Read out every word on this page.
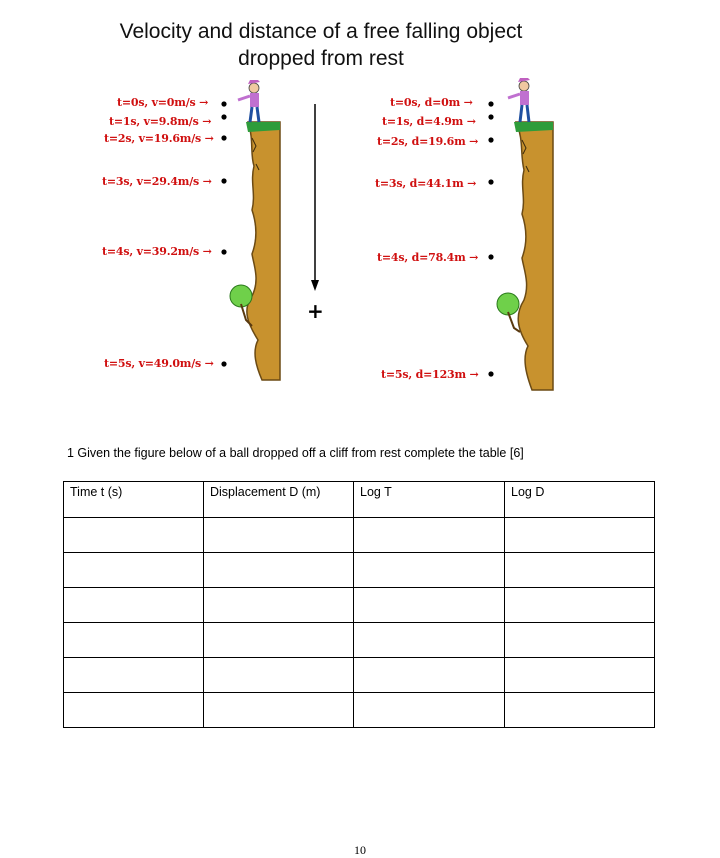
Velocity and distance of a free falling object
dropped from rest
t=0s, v=0m/s →
t=1s, v=9.8m/s →
t=2s, v=19.6m/s →
t=3s, v=29.4m/s →
t=4s, v=39.2m/s →
t=5s, v=49.0m/s →
t=0s, d=0m →
t=1s, d=4.9m →
t=2s, d=19.6m →
t=3s, d=44.1m →
t=4s, d=78.4m →
t=5s, d=123m →
+
1 Given the figure below of a ball dropped off a cliff from rest complete the table [6]
Time t (s)	Displacement D (m)	Log T	Log D

10
